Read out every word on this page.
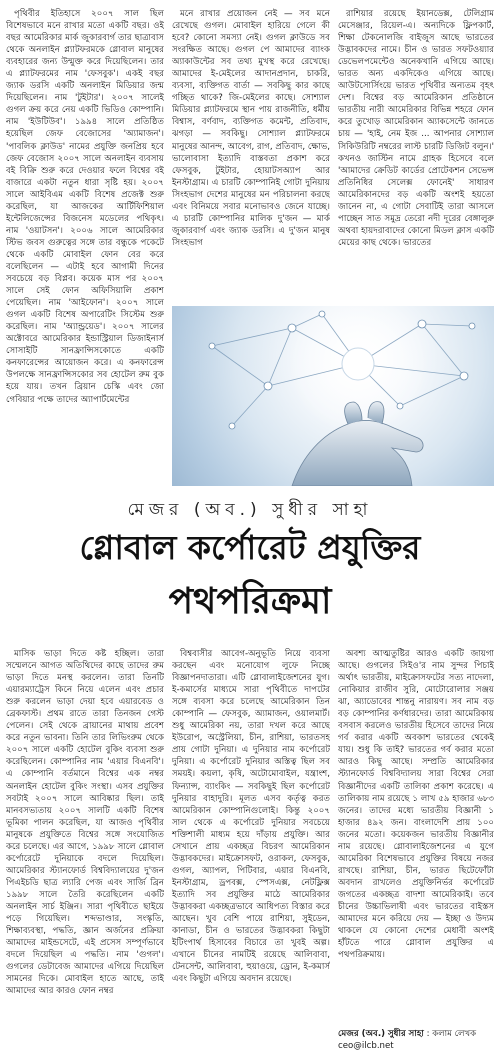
পৃথিবীর ইতিহাসে ২০০৭ সাল ছিল বিশেষভাবে মনে রাখার মতো একটি বছর। ওই বছর আমেরিকার মার্ক জুকারবার্গ তার ছাত্রাবাস থেকে অনলাইন প্ল্যাটফরমকে গ্লোবাল মানুষের ব্যবহারের জন্য উন্মুক্ত করে দিয়েছিলেন। তার এ প্ল্যাটফরমের নাম 'ফেসবুক'। একই বছর জ্যাক ডরসি একটি অনলাইন মিডিয়ার জন্ম দিয়েছিলেন। নাম 'টুইটার'। ২০০৭ সালেই গুগল ক্রয় করে নেয় একটি ভিডিও কোম্পানি। নাম 'ইউটিউব'। ১৯৯৪ সালে প্রতিষ্ঠিত হয়েছিল জেফ বেজোসের 'অ্যামাজন'। 'পাবলিক ক্লাউড' নামের প্রযুক্তি জনপ্রিয় হবে জেফ বেজোস ২০০৭ সালে অনলাইন ব্যবসায় বই বিক্রি শুরু করে দেওয়ার ফলে বিশ্বের বই বাজারে একটা নতুন ধারা সৃষ্টি হয়। ২০০৭ সালে আইবিএম একটি বিশেষ প্রজেক্ট শুরু করেছিল, যা আজকের আর্টিফিশিয়াল ইন্টেলিজেন্সের বিজনেস মডেলের পথিকৃৎ। নাম 'ওয়াটসন'। ২০০৬ সালে আমেরিকার স্টিভ জবস গুরুত্বের সঙ্গে তার বন্ধুকে পকেটে থেকে একটি মোবাইল ফোন বের করে বলেছিলেন — এটাই হবে আগামী দিনের সবচেয়ে বড় বিপ্লব। কয়েক মাস পর ২০০৭ সালে সেই ফোন অফিসিয়ালি প্রকাশ পেয়েছিল। নাম 'আইফোন'। ২০০৭ সালে গুগল একটি বিশেষ অপারেটিং সিস্টেম শুরু করেছিল। নাম 'অ্যান্ড্রয়েড'। ২০০৭ সালের অক্টোবরে আমেরিকার ইন্ডাস্ট্রিয়াল ডিজাইনার্স সোসাইটি সানফ্রান্সিসকোতে একটি কনফারেন্সের আয়োজন করে। এ কনফারেন্স উপলক্ষে সানফ্রান্সিসকোর সব হোটেল রুম বুক হয়ে যায়। তখন ব্রিয়ান চেস্কি এবং জো গেবিয়ার পক্ষে তাদের অ্যাপার্টমেন্টের

মনে রাখার প্রয়োজন নেই — সব মনে রেখেছে গুগল। মোবাইল হারিয়ে গেলে কী হবে? কোনো সমস্যা নেই। গুগল ক্লাউডে সব সংরক্ষিত আছে। গুগল পে আমাদের ব্যাংক অ্যাকাউন্টের সব তথ্য মুখস্থ করে রেখেছে। আমাদের ই-মেইলের আদানপ্রদান, চাকরি, ব্যবসা, ব্যক্তিগত বার্তা — সবকিছু কার কাছে গচ্ছিত থাকে? জি-মেইলের কাছে। সোশ্যাল মিডিয়ার প্ল্যাটফরমে স্থান পায় রাজনীতি, ধর্মীয় বিশ্বাস, বর্ণবাদ, ব্যক্তিগত কমেন্ট, প্রতিবাদ, ঝগড়া — সবকিছু। সোশ্যাল প্ল্যাটফরমে মানুষের আনন্দ, আবেগ, রাগ, প্রতিবাদ, ক্ষোভ, ভালোবাসা ইত্যাদি বাস্তবতা প্রকাশ করে ফেসবুক, টুইটার, হোয়াটসঅ্যাপ আর ইনস্টাগ্রাম। এ চারটি কোম্পানিই গোটা দুনিয়ায় সিংহভাগ দেশের মানুষের মন পরিচালনা করছে এবং বিনিময়ে সবার মনোভাবও জেনে যাচ্ছে। এ চারটি কোম্পানির মালিক দু'জন — মার্ক জুকারবার্গ এবং জ্যাক ডরসি। এ দু'জন মানুষ সিংহভাগ

রাশিয়ার রয়েছে ইয়ানডেক্স, টেলিগ্রাম মেসেঞ্জার, রিয়েল-এ। অন্যদিকে ফ্লিপকার্ট, শিক্ষা টেকনোলজি বাইজুস আছে ভারতের উদ্ভাবকদের নামে। চীন ও ভারত সফটওয়্যার ডেভেলপমেন্টেও অনেকখানি এগিয়ে আছে। ভারত অন্য একদিকেও এগিয়ে আছে। আউটসোর্সিংয়ে ভারত পৃথিবীর অন্যতম বৃহৎ দেশ। বিশ্বের বড় আমেরিকান প্রতিষ্ঠানে ভারতীয় নারী আমেরিকার বিভিন্ন শহরে ফোন করে তুখোড় আমেরিকান অ্যাকসেন্টে জানতে চায় — 'হাই, নেম ইজ ... আপনার সোশ্যাল সিকিউরিটি নম্বরের লাস্ট চারটি ডিজিট বলুন।' কখনও জাস্টিন নামে গ্রাহক হিসেবে বলে 'আমাদের ক্রেডিট কার্ডের প্রোটেকশন সেভেন্স প্রতিনিধির সেলেক্স ফোনেই' সাধারণ আমেরিকানদের বড় একটি অংশই হয়তো জানেন না, এ গোটা সেবাটিই তারা আসলে পাচ্ছেন সাত সমুদ্র তেরো নদী দূরের বেঙ্গালুরু অথবা হায়দরাবাদের কোনো মিডল ক্লাস একটি মেয়ের কাছ থেকে। ভারতের

মেজর (অব.) সুধীর সাহা
গ্লোবাল কর্পোরেট প্রযুক্তির
পথপরিক্রমা

মাসিক ভাড়া দিতে কষ্ট হচ্ছিল। তারা সম্মেলনে আগত অতিথিদের কাছে তাদের রুম ভাড়া দিতে মনস্থ করলেন। তারা তিনটি এয়ারম্যাট্রেস কিনে নিয়ে এলেন এবং প্রচার শুরু করলেন ভাড়া দেয়া হবে এয়ারবেড ও ব্রেকফাস্ট। প্রথম রাতে তারা তিনজন গেস্ট পেলেন। সেই থেকে ব্রায়ানের মাথায় প্রবেশ করে নতুন ভাবনা। তিনি তার লিভিংরুম থেকে ২০০৭ সালে একটি হোটেল বুকিং ব্যবসা শুরু করেছিলেন। কোম্পানির নাম 'এয়ার বিএনবি'। এ কোম্পানি বর্তমানে বিশ্বের এক নম্বর অনলাইন হোটেল বুকিং সংস্থা। এসব প্রযুক্তির সবটাই ২০০৭ সালে আবিষ্কার ছিল। তাই মানবসভ্যতায় ২০০৭ সালটি একটি বিশেষ ভূমিকা পালন করেছিল, যা আজও পৃথিবীর মানুষকে প্রযুক্তিতে বিশ্বের সঙ্গে সংযোজিত করে চলেছে। এর আগে, ১৯৯৮ সালে গ্লোবাল কর্পোরেটে দুনিয়াকে বদলে দিয়েছিল। আমেরিকার স্ট্যানফোর্ড বিশ্ববিদ্যালয়ের দু'জন পিএইচডি ছাত্র ল্যারি পেজ এবং সার্জি ব্রিন ১৯৯৮ সালে তৈরি করেছিলেন একটি অনলাইন সার্চ ইঞ্জিন। সারা পৃথিবীতে ছাইয়ে পড়ে গিয়েছিল। শব্দভাণ্ডার, সংস্কৃতি, শিক্ষাব্যবস্থা, পদ্ধতি, জ্ঞান অর্জনের প্রক্রিয়া আমাদের মাইন্ডসেটে, এই প্রসেস সম্পূর্ণভাবে বদলে দিয়েছিল এ পদ্ধতি। নাম 'গুগল'। গুগলের ডেটাবেজ আমাদের এগিয়ে দিয়েছিল সামনের দিকে। মোবাইল হাতে আছে, তাই আমাদের আর কারও ফোন নম্বর

বিশ্ববাসীর আবেগ-অনুভূতি নিয়ে ব্যবসা করছেন এবং মনোযোগ লুফে নিচ্ছে বিজ্ঞাপনদাতারা। এটি গ্লোবালাইজেশনের যুগ। ই-কমার্সের মাধ্যমে সারা পৃথিবীতে দাপটের সঙ্গে ব্যবসা করে চলেছে আমেরিকান তিন কোম্পানি — ফেসবুক, অ্যামাজন, ওয়ালমার্ট। শুধু আমেরিকা নয়, তারা দখল করে আছে ইউরোপ, অস্ট্রেলিয়া, চীন, রাশিয়া, ভারতসহ প্রায় গোটা দুনিয়া। এ দুনিয়ার নাম কর্পোরেট দুনিয়া। এ কর্পোরেট দুনিয়ার অস্তিত্ব ছিল সব সময়ই। কয়লা, কৃষি, অটোমোবাইল, যন্ত্রাংশ, ফিন্যান্স, ব্যাংকিং — সবকিছুই ছিল কর্পোরেট দুনিয়ার বাহাদুরি। মূলত এসব কর্তৃত্ব করত আমেরিকান কোম্পানিগুলোই। কিন্তু ২০০৭ সাল থেকে এ কর্পোরেট দুনিয়ার সবচেয়ে শক্তিশালী মাধ্যম হয়ে দাঁড়ায় প্রযুক্তি। আর সেখানে প্রায় একচ্ছত্র বিচরণ আমেরিকান উদ্ভাবকদের। মাইক্রোসফট, ওরাকল, ফেসবুক, গুগল, অ্যাপল, পিটিবার, এয়ার বিএনবি, ইনস্টাগ্রাম, ড্রপবক্স, স্পেসএক্স, নেটফ্লিক্স ইত্যাদি সব প্রযুক্তির মাঠে আমেরিকার উদ্ভাবকরা একচ্ছত্রভাবে আধিপত্য বিস্তার করে আছেন। খুব বেশি পায়ে রাশিয়া, সুইডেন, কানাডা, চীন ও ভারতের উদ্ভাবকরা কিছুটা ইটিংপার্থ হিসাবের বিচারে তা খুবই অল্প। এখানে চীনের নামটিই রয়েছে আলিবাবা, টেনসেন্ট, আলিবাবা, হুয়াওয়ে, ড্রোন, ই-কমার্স এবং কিছুটা এগিয়ে অবদান রয়েছে।

অবশ্য আত্মতুষ্টির আরও একটি জায়গা আছে। গুগলের সিইও'র নাম সুন্দর পিচাই অর্থাৎ ভারতীয়, মাইক্রোসফটের সত্য নাদেলা, নোকিয়ার রাজীব সুরি, মোটোরোলার সঞ্জয় ঝা, অ্যাডোবের শান্তনু নারায়ণ। সব নাম বড় বড় কোম্পানির কর্ণধারদের। তারা আমেরিকায় বসবাস করলেও ভারতীয় হিসেবে তাদের নিয়ে গর্ব করার একটি অবকাশ ভারতের থেকেই যায়। শুধু কি তাই? ভারতের গর্ব করার মতো আরও কিছু আছে। সম্প্রতি আমেরিকার স্ট্যানফোর্ড বিশ্ববিদ্যালয় সারা বিশ্বের সেরা বিজ্ঞানীদের একটি তালিকা প্রকাশ করেছে। এ তালিকায় নাম রয়েছে ১ লাখ ৫৯ হাজার ৬৮৩ জনের। তাদের মধ্যে ভারতীয় বিজ্ঞানী ১ হাজার ৪৯২ জন। বাংলাদেশি প্রায় ১০০ জনের মতো। কয়েকজন ভারতীয় বিজ্ঞানীর নাম রয়েছে। গ্লোবালাইজেশনের এ যুগে আমেরিকা বিশেষভাবে প্রযুক্তির বিষয়ে নজর রাখছে। রাশিয়া, চীন, ভারত ছিটেফোঁটা অবদান রাখলেও প্রযুক্তিনির্ভর কর্পোরেট জগতের একচ্ছত্র বাদশা আমেরিকাই। তবে চীনের উচ্চাভিলাষী এবং ভারতের বাইস্তস আমাদের মনে করিয়ে দেয় — ইচ্ছা ও উদ্যম থাকলে যে কোনো দেশের মেধাবী অংশই হাঁটতে পারে গ্লোবাল প্রযুক্তির এ পথপরিক্রমায়।

মেজর (অব.) সুধীর সাহা : কলাম লেখক
ceo@ilcb.net
